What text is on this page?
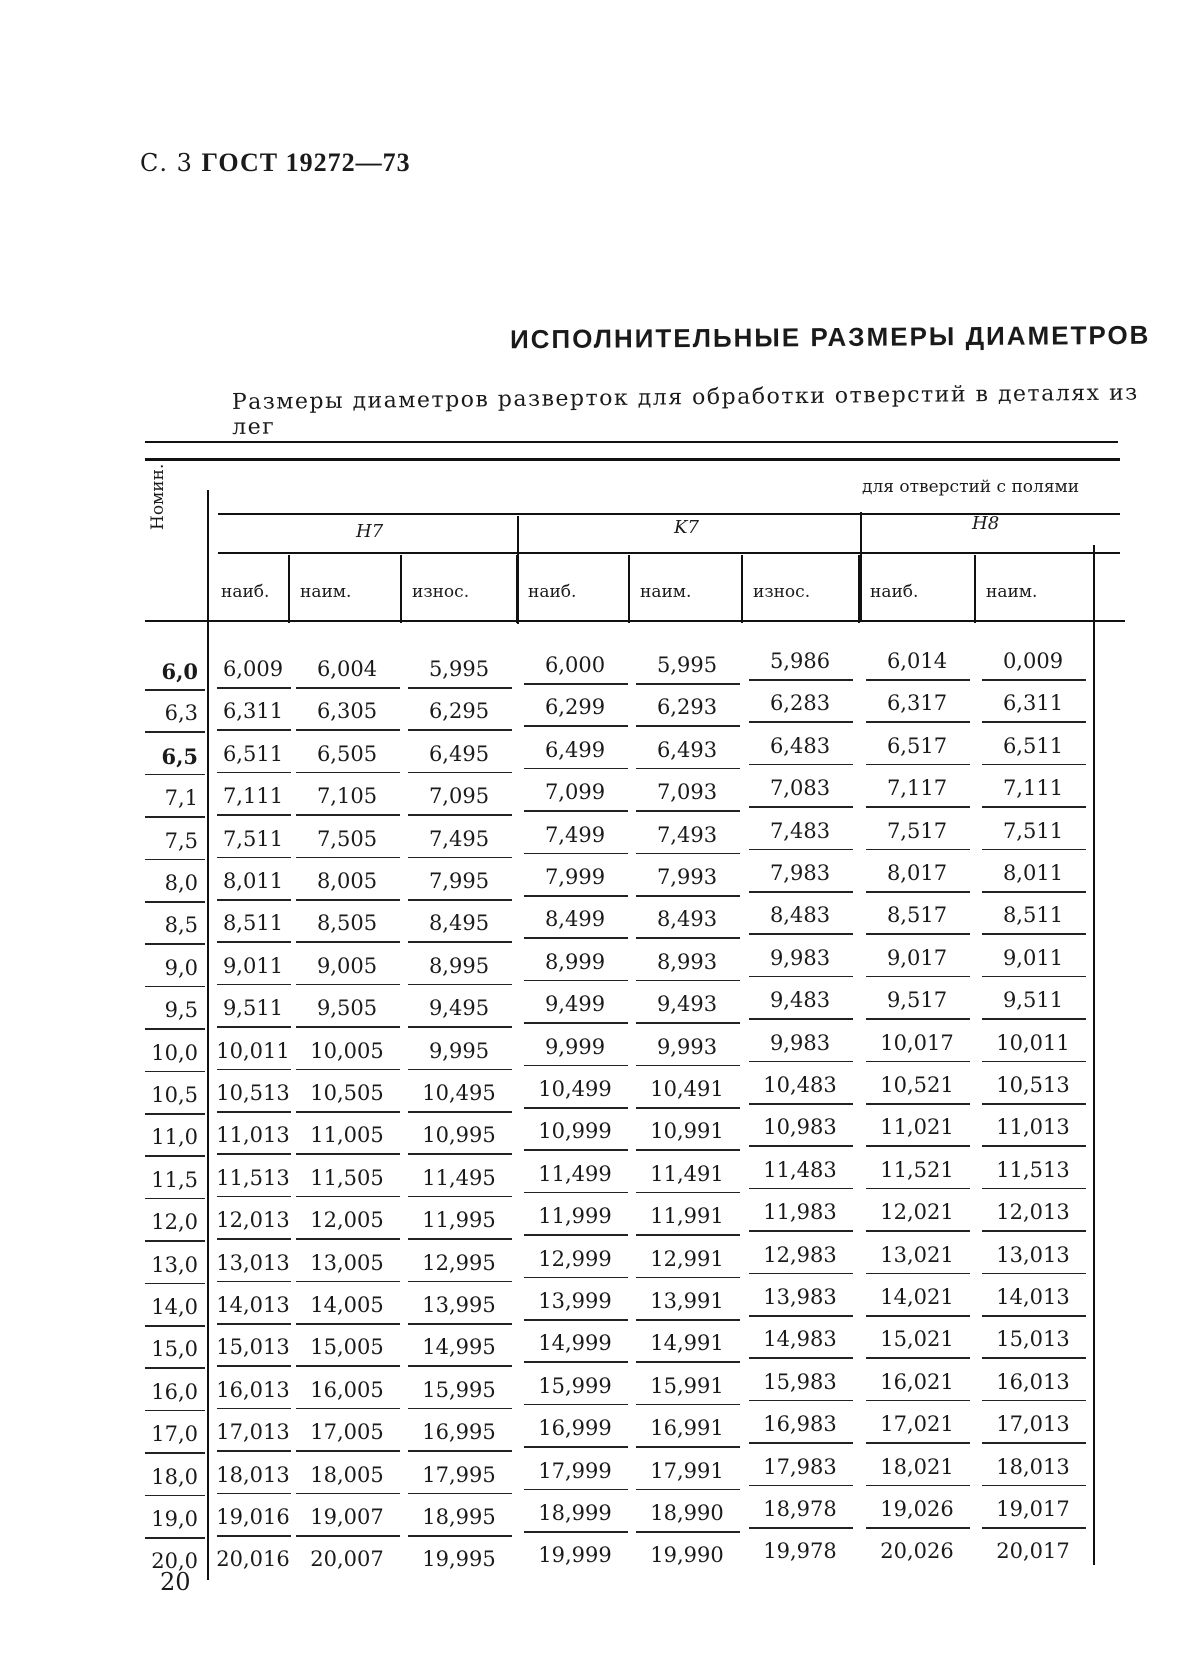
С. 3 ГОСТ 19272—73
ИСПОЛНИТЕЛЬНЫЕ РАЗМЕРЫ ДИАМЕТРОВ
Размеры диаметров разверток для обработки отверстий в деталях из лег
Номин.	для отверстий с полями
H7	K7	H8
наиб. наим.	износ.	наиб.	наим.	износ.	наиб.	наим.
6,0	6,009	6,004	5,995	6,000	5,995	5,986	6,014	0,009
6,3	6,311	6,305	6,295	6,299	6,293	6,283	6,317	6,311
6,5	6,511	6,505	6,495	6,499	6,493	6,483	6,517	6,511
7,1	7,111	7,105	7,095	7,099	7,093	7,083	7,117	7,111
7,5	7,511	7,505	7,495	7,499	7,493	7,483	7,517	7,511
8,0	8,011	8,005	7,995	7,999	7,993	7,983	8,017	8,011
8,5	8,511	8,505	8,495	8,499	8,493	8,483	8,517	8,511
9,0	9,011	9,005	8,995	8,999	8,993	9,983	9,017	9,011
9,5	9,511	9,505	9,495	9,499	9,493	9,483	9,517	9,511
10,0 10,011 10,005	9,995	9,999	9,993	9,983	10,017	10,011
10,5 10,513 10,505	10,495	10,499	10,491	10,483	10,521	10,513
11,0 11,013 11,005	10,995	10,999	10,991	10,983	11,021	11,013
11,5 11,513 11,505	11,495	11,499	11,491	11,483	11,521	11,513
12,0 12,013 12,005	11,995	11,999	11,991	11,983	12,021	12,013
13,0 13,013 13,005	12,995	12,999	12,991	12,983	13,021	13,013
14,0 14,013 14,005	13,995	13,999	13,991	13,983	14,021	14,013
15,0 15,013 15,005	14,995	14,999	14,991	14,983	15,021	15,013
16,0 16,013 16,005	15,995	15,999	15,991	15,983	16,021	16,013
17,0 17,013 17,005	16,995	16,999	16,991	16,983	17,021	17,013
18,0 18,013 18,005	17,995	17,999	17,991	17,983	18,021	18,013
19,0 19,016 19,007	18,995	18,999	18,990	18,978	19,026	19,017
20,0 20,016 20,007	19,995	19,999	19,990	19,978	20,026	20,017
20
